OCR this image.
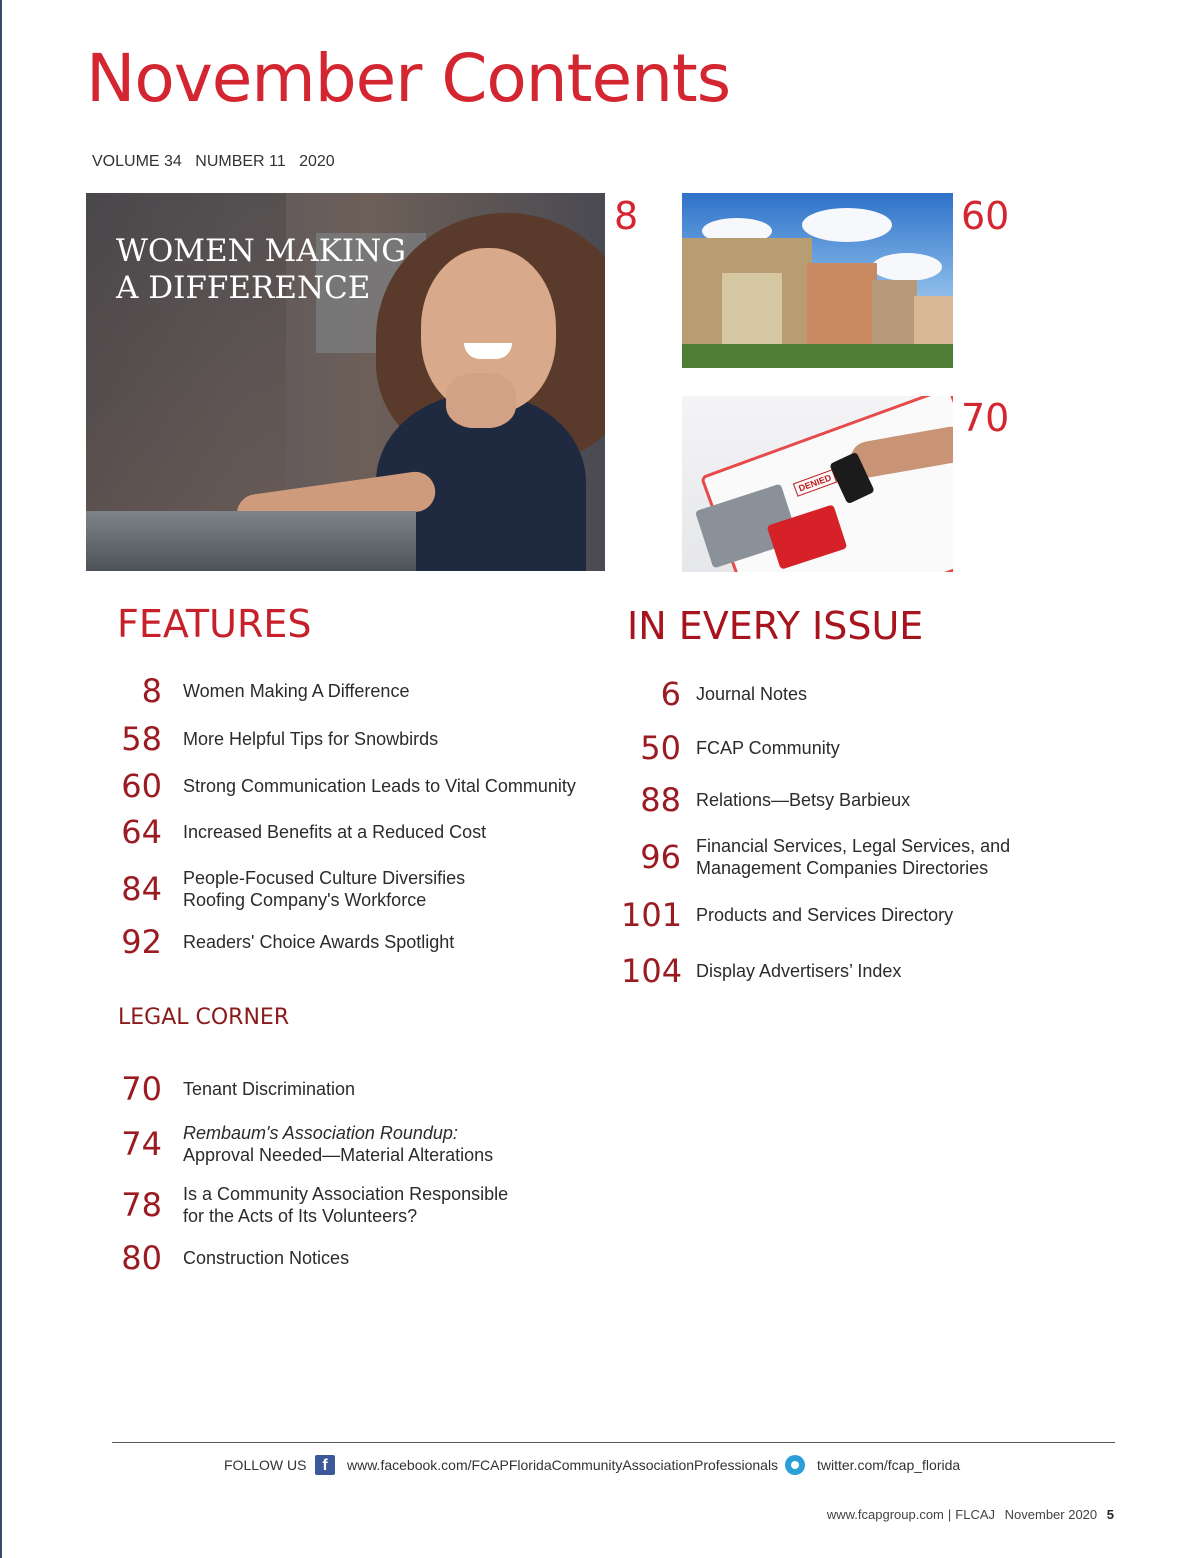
November Contents
VOLUME 34 NUMBER 11 2020
WOMEN MAKING
A DIFFERENCE
8	60
DENIED
70
FEATURES
8 Women Making A Difference
58 More Helpful Tips for Snowbirds
60 Strong Communication Leads to Vital Community
64 Increased Benefits at a Reduced Cost
84 People-Focused Culture Diversifies
Roofing Company's Workforce
92 Readers' Choice Awards Spotlight
LEGAL CORNER
70 Tenant Discrimination
74 Rembaum's Association Roundup:
Approval Needed—Material Alterations
78 Is a Community Association Responsible
for the Acts of Its Volunteers?
80 Construction Notices
IN EVERY ISSUE
6 Journal Notes
50 FCAP Community
88 Relations—Betsy Barbieux
96 Financial Services, Legal Services, and
Management Companies Directories
101 Products and Services Directory
104 Display Advertisers’ Index
FOLLOW US f	www.facebook.com/FCAPFloridaCommunityAssociationProfessionals	twitter.com/fcap_florida
www.fcapgroup.com | FLCAJ November 2020 5
